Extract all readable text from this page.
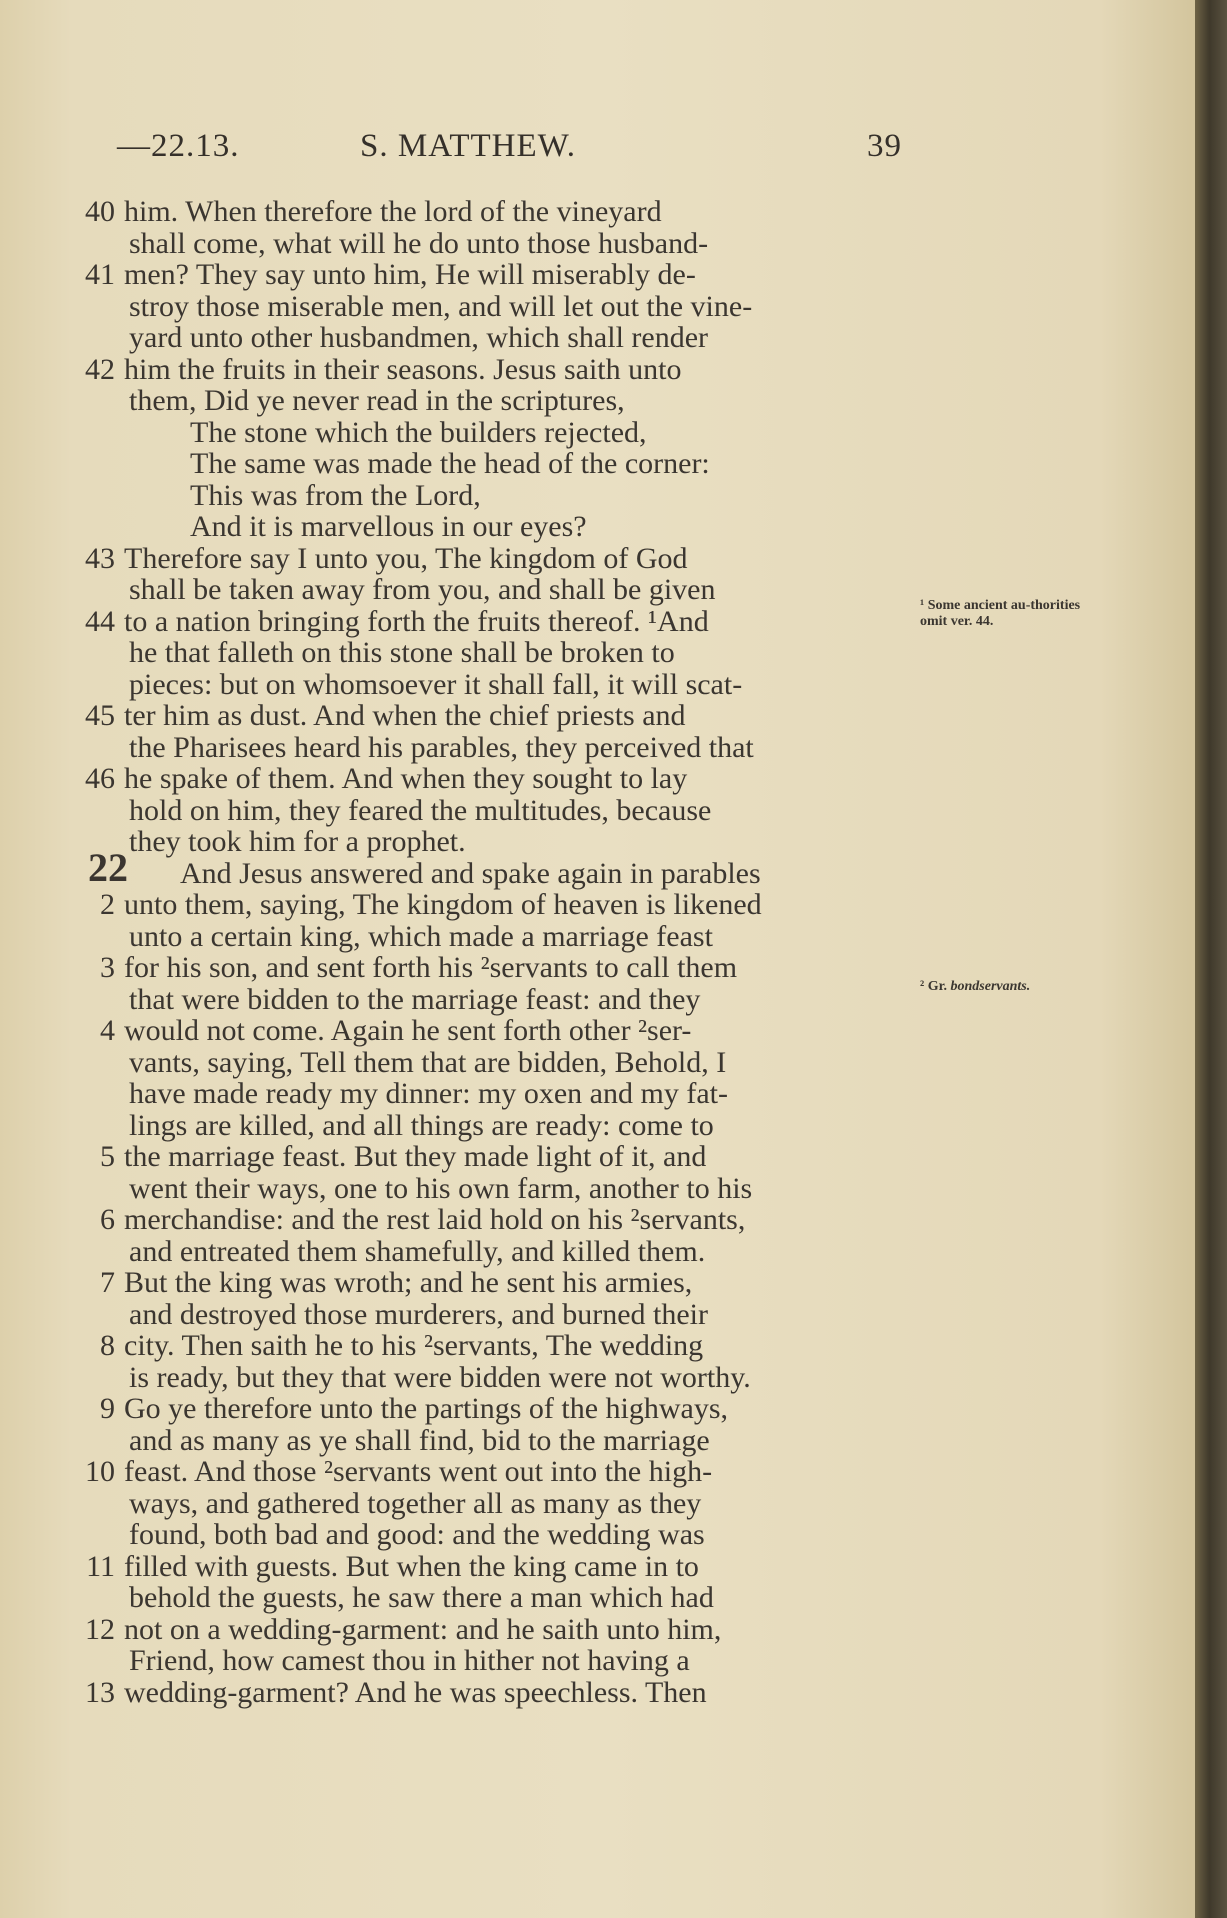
—22.13.	S. MATTHEW.	39
40 him. When therefore the lord of the vineyard
shall come, what will he do unto those husband-
41 men? They say unto him, He will miserably de-
stroy those miserable men, and will let out the vine-
yard unto other husbandmen, which shall render
42 him the fruits in their seasons. Jesus saith unto
them, Did ye never read in the scriptures,
The stone which the builders rejected,
The same was made the head of the corner:
This was from the Lord,
And it is marvellous in our eyes?
43 Therefore say I unto you, The kingdom of God
shall be taken away from you, and shall be given
44 to a nation bringing forth the fruits thereof. ¹And
he that falleth on this stone shall be broken to
pieces: but on whomsoever it shall fall, it will scat-
45 ter him as dust. And when the chief priests and
the Pharisees heard his parables, they perceived that
46 he spake of them. And when they sought to lay
hold on him, they feared the multitudes, because
they took him for a prophet.
22 And Jesus answered and spake again in parables
2 unto them, saying, The kingdom of heaven is likened
unto a certain king, which made a marriage feast
3 for his son, and sent forth his ²servants to call them
that were bidden to the marriage feast: and they
4 would not come. Again he sent forth other ²ser-
vants, saying, Tell them that are bidden, Behold, I
have made ready my dinner: my oxen and my fat-
lings are killed, and all things are ready: come to
5 the marriage feast. But they made light of it, and
went their ways, one to his own farm, another to his
6 merchandise: and the rest laid hold on his ²servants,
and entreated them shamefully, and killed them.
7 But the king was wroth; and he sent his armies,
and destroyed those murderers, and burned their
8 city. Then saith he to his ²servants, The wedding
is ready, but they that were bidden were not worthy.
9 Go ye therefore unto the partings of the highways,
and as many as ye shall find, bid to the marriage
10 feast. And those ²servants went out into the high-
ways, and gathered together all as many as they
found, both bad and good: and the wedding was
11 filled with guests. But when the king came in to
behold the guests, he saw there a man which had
12 not on a wedding-garment: and he saith unto him,
Friend, how camest thou in hither not having a
13 wedding-garment? And he was speechless. Then
¹ Some ancient au-thorities omit ver. 44.
² Gr. bondservants.
